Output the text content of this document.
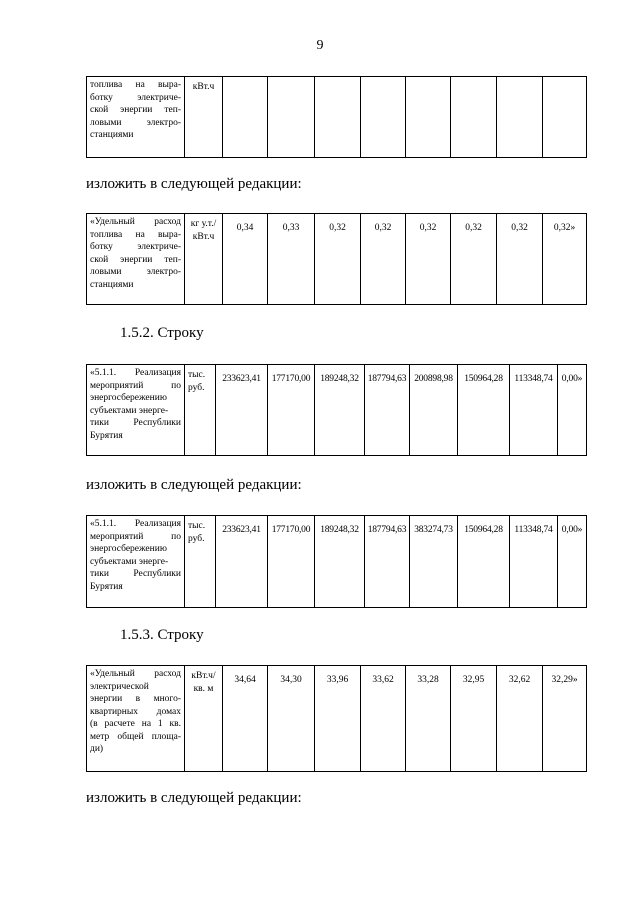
9
топлива на выра-
ботку электриче-
ской энергии теп-
ловыми электро-
станциями
	кВт.ч								
изложить в следующей редакции:
«Удельный расход
топлива на выра-
ботку электриче-
ской энергии теп-
ловыми электро-
станциями

кг у.т./
кВт.ч
	0,34	0,33	0,32	0,32	0,32	0,32	0,32	0,32»
1.5.2. Строку
«5.1.1. Реализация
мероприятий по
энергосбережению
субъектами энерге-
тики Республики
Бурятия

тыс.
руб.
	233623,41	177170,00	189248,32	187794,63	200898,98	150964,28	113348,74	0,00»
изложить в следующей редакции:
«5.1.1. Реализация
мероприятий по
энергосбережению
субъектами энерге-
тики Республики
Бурятия

тыс.
руб.
	233623,41	177170,00	189248,32	187794,63	383274,73	150964,28	113348,74	0,00»
1.5.3. Строку
«Удельный расход
электрической
энергии в много-
квартирных домах
(в расчете на 1 кв.
метр общей площа-
ди)

кВт.ч/
кв. м
	34,64	34,30	33,96	33,62	33,28	32,95	32,62	32,29»
изложить в следующей редакции:
